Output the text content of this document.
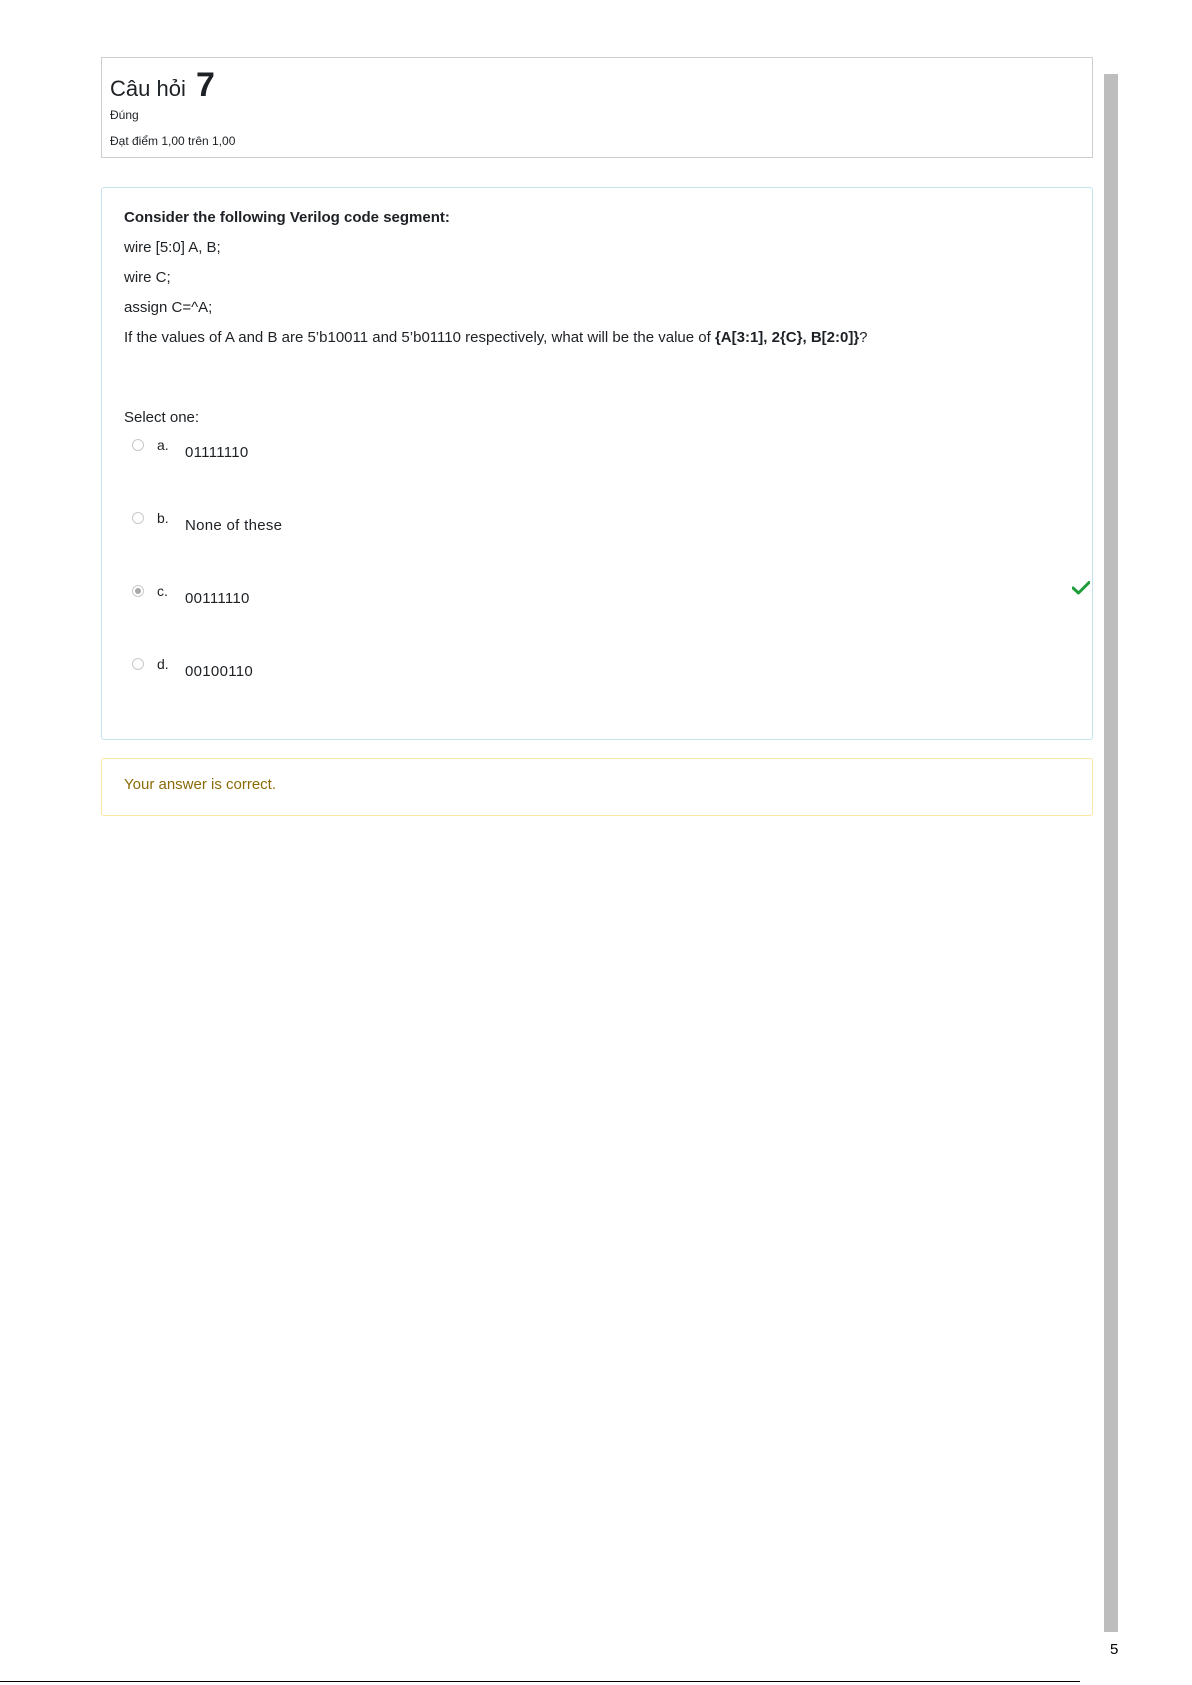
Câu hỏi 7
Đúng
Đạt điểm 1,00 trên 1,00

Consider the following Verilog code segment:

wire [5:0] A, B;

wire C;

assign C=^A;

If the values of A and B are 5’b10011 and 5’b01110 respectively, what will be the value of {A[3:1], 2{C}, B[2:0]}?

Select one:
a. 01111110
b. None of these
c. 00111110
d. 00100110
Your answer is correct.
5
